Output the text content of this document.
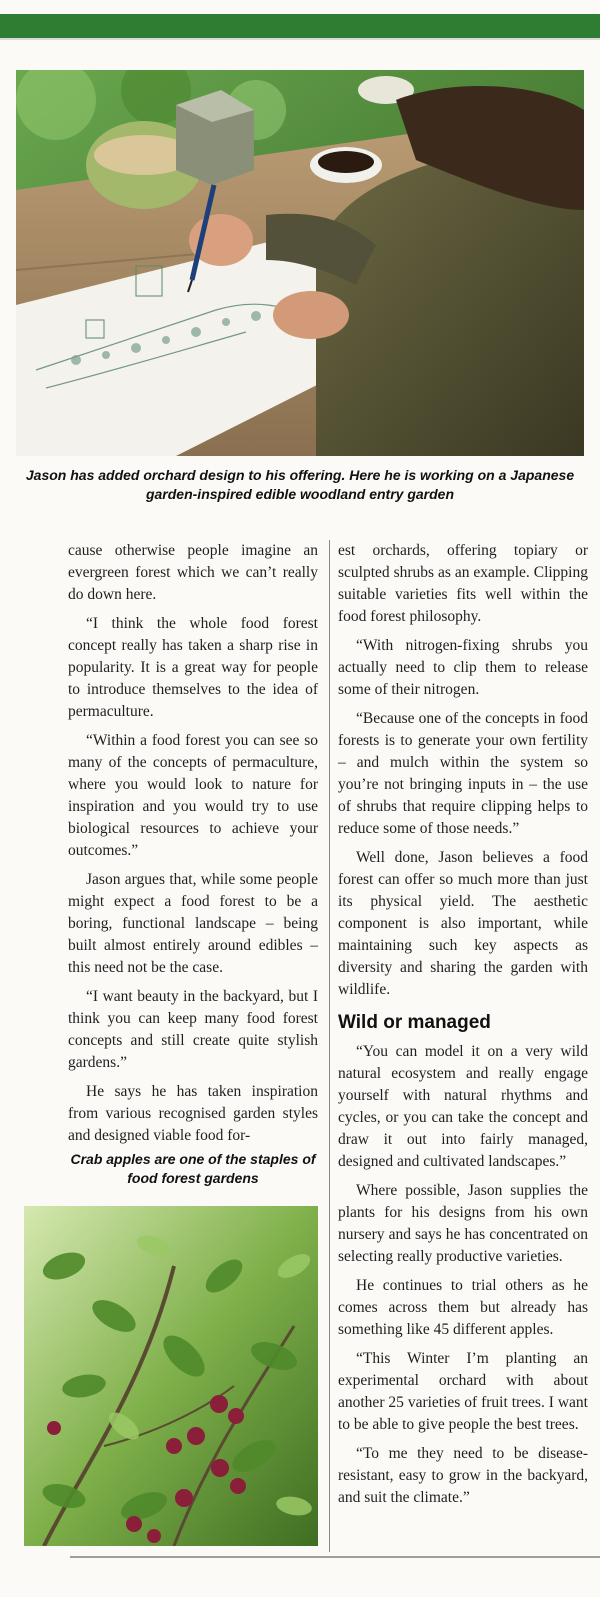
Jason has added orchard design to his offering. Here he is working on a Japanese garden-inspired edible woodland entry garden

cause otherwise people imagine an evergreen forest which we can’t really do down here.

“I think the whole food forest concept really has taken a sharp rise in popularity. It is a great way for people to introduce themselves to the idea of permaculture.

“Within a food forest you can see so many of the concepts of permaculture, where you would look to nature for inspiration and you would try to use biological resources to achieve your outcomes.”

Jason argues that, while some people might expect a food forest to be a boring, functional landscape – being built almost entirely around edibles – this need not be the case.

“I want beauty in the backyard, but I think you can keep many food forest concepts and still create quite stylish gardens.”

He says he has taken inspiration from various recognised garden styles and designed viable food for-

est orchards, offering topiary or sculpted shrubs as an example. Clipping suitable varieties fits well within the food forest philosophy.

“With nitrogen-fixing shrubs you actually need to clip them to release some of their nitrogen.

“Because one of the concepts in food forests is to generate your own fertility – and mulch within the system so you’re not bringing inputs in – the use of shrubs that require clipping helps to reduce some of those needs.”

Well done, Jason believes a food forest can offer so much more than just its physical yield. The aesthetic component is also important, while maintaining such key aspects as diversity and sharing the garden with wildlife.

Wild or managed

“You can model it on a very wild natural ecosystem and really engage yourself with natural rhythms and cycles, or you can take the concept and draw it out into fairly managed, designed and cultivated landscapes.”

Where possible, Jason supplies the plants for his designs from his own nursery and says he has concentrated on selecting really productive varieties.

He continues to trial others as he comes across them but already has something like 45 different apples.

“This Winter I’m planting an experimental orchard with about another 25 varieties of fruit trees. I want to be able to give people the best trees.

“To me they need to be disease-resistant, easy to grow in the backyard, and suit the climate.”

Crab apples are one of the staples of food forest gardens
